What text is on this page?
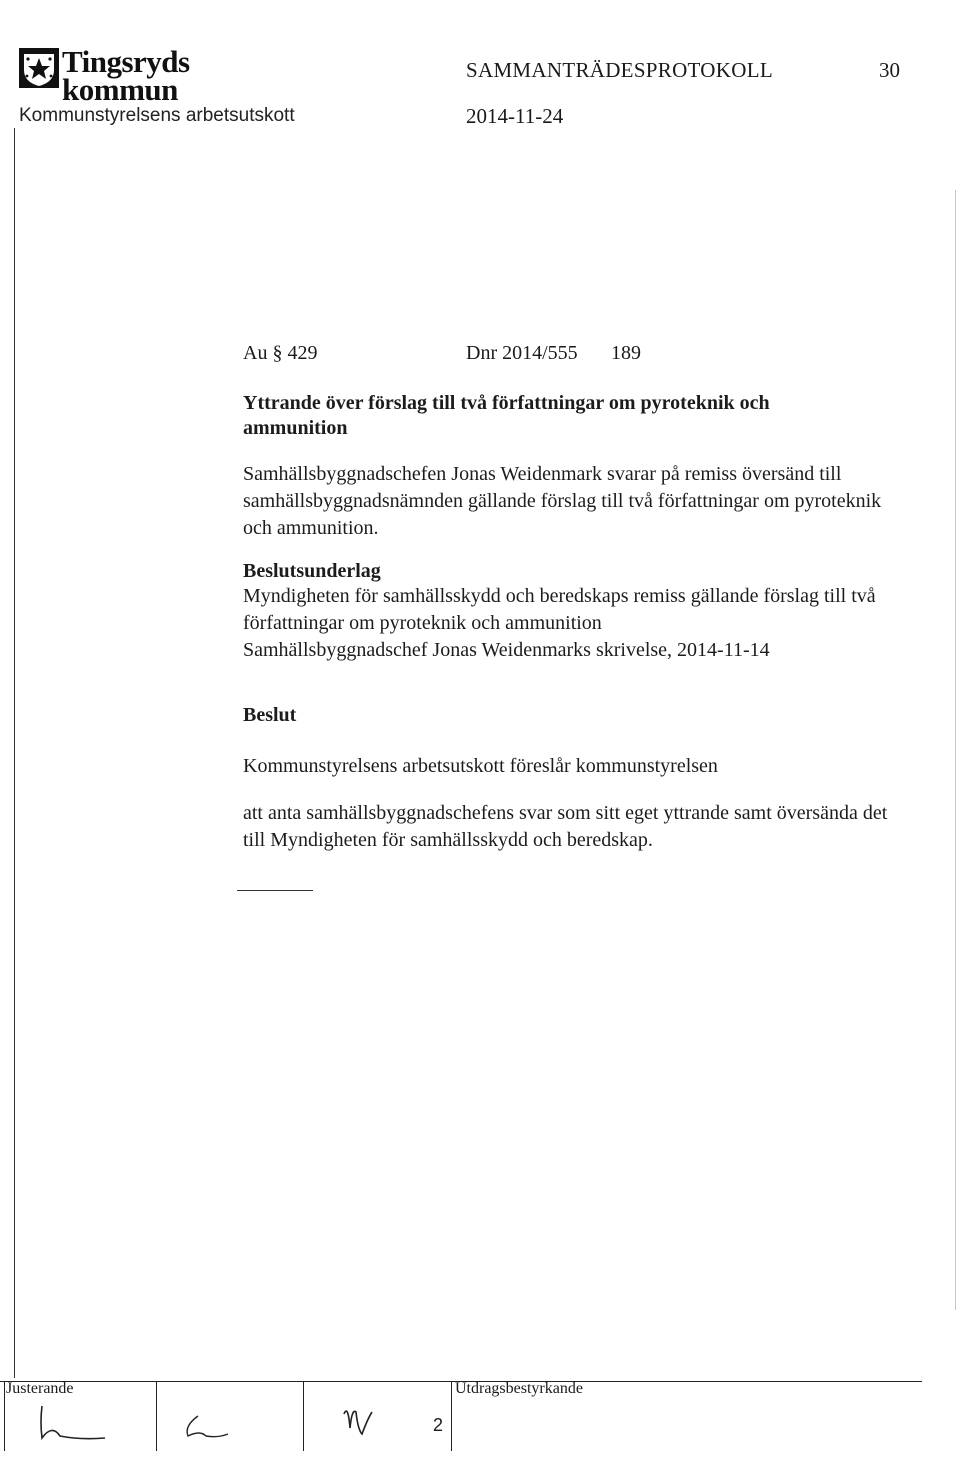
Tingsryds
kommun
Kommunstyrelsens arbetsutskott
SAMMANTRÄDESPROTOKOLL	30
2014-11-24
Au § 429	Dnr 2014/555 189
Yttrande över förslag till två författningar om pyroteknik och ammunition
Samhällsbyggnadschefen Jonas Weidenmark svarar på remiss översänd till samhällsbyggnadsnämnden gällande förslag till två författningar om pyroteknik och ammunition.
Beslutsunderlag
Myndigheten för samhällsskydd och beredskaps remiss gällande förslag till två författningar om pyroteknik och ammunition
Samhällsbyggnadschef Jonas Weidenmarks skrivelse, 2014-11-14
Beslut
Kommunstyrelsens arbetsutskott föreslår kommunstyrelsen
att anta samhällsbyggnadschefens svar som sitt eget yttrande samt översända det till Myndigheten för samhällsskydd och beredskap.
Justerande	Utdragsbestyrkande
2
